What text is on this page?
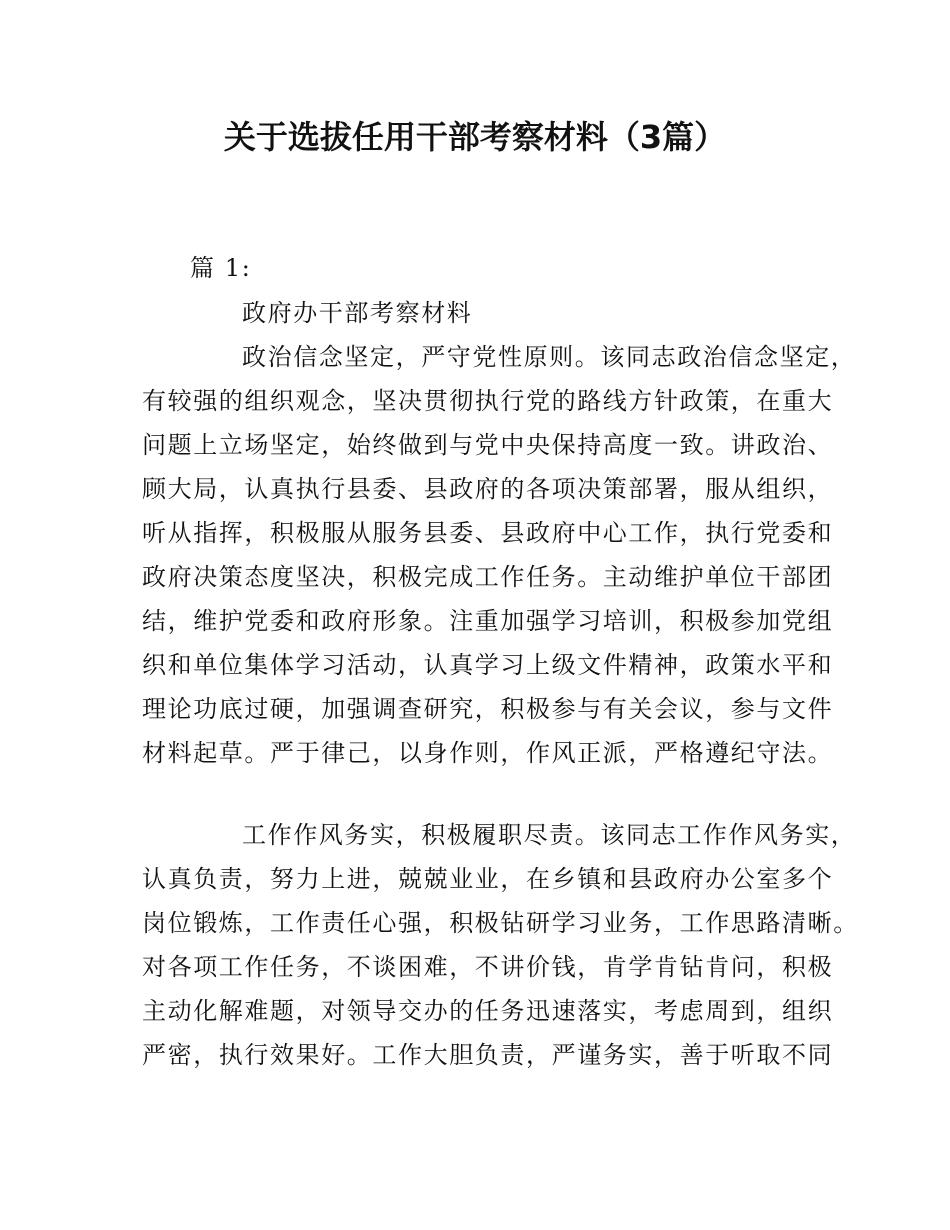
关于选拔任用干部考察材料（3篇）
篇 1:
政府办干部考察材料
政治信念坚定，严守党性原则。该同志政治信念坚定，
有较强的组织观念，坚决贯彻执行党的路线方针政策，在重大
问题上立场坚定，始终做到与党中央保持高度一致。讲政治、
顾大局，认真执行县委、县政府的各项决策部署，服从组织，
听从指挥，积极服从服务县委、县政府中心工作，执行党委和
政府决策态度坚决，积极完成工作任务。主动维护单位干部团
结，维护党委和政府形象。注重加强学习培训，积极参加党组
织和单位集体学习活动，认真学习上级文件精神，政策水平和
理论功底过硬，加强调查研究，积极参与有关会议，参与文件
材料起草。严于律己，以身作则，作风正派，严格遵纪守法。
工作作风务实，积极履职尽责。该同志工作作风务实，
认真负责，努力上进，兢兢业业，在乡镇和县政府办公室多个
岗位锻炼，工作责任心强，积极钻研学习业务，工作思路清晰。
对各项工作任务，不谈困难，不讲价钱，肯学肯钻肯问，积极
主动化解难题，对领导交办的任务迅速落实，考虑周到，组织
严密，执行效果好。工作大胆负责，严谨务实，善于听取不同
